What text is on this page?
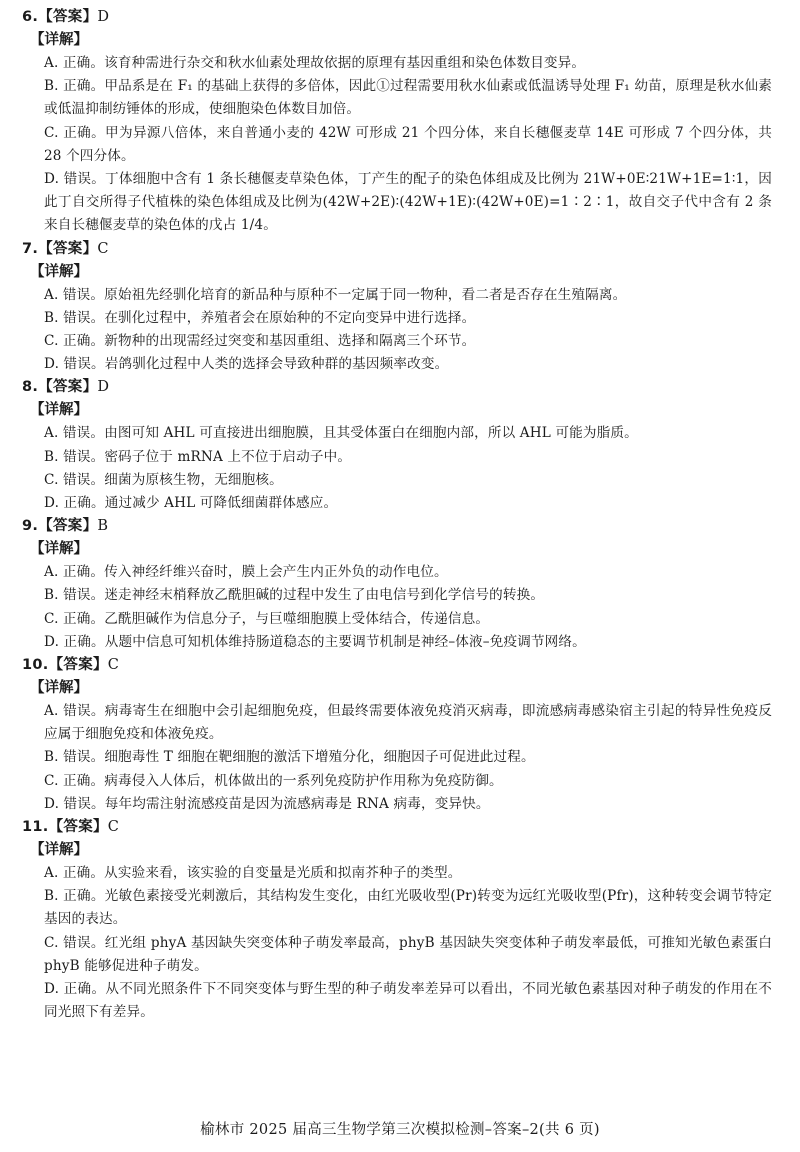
6.【答案】D
【详解】

A. 正确。该育种需进行杂交和秋水仙素处理故依据的原理有基因重组和染色体数目变异。

B. 正确。甲品系是在 F₁ 的基础上获得的多倍体，因此①过程需要用秋水仙素或低温诱导处理 F₁ 幼苗，原理是秋水仙素或低温抑制纺锤体的形成，使细胞染色体数目加倍。

C. 正确。甲为异源八倍体，来自普通小麦的 42W 可形成 21 个四分体，来自长穗偃麦草 14E 可形成 7 个四分体，共 28 个四分体。

D. 错误。丁体细胞中含有 1 条长穗偃麦草染色体，丁产生的配子的染色体组成及比例为 21W+0E∶21W+1E=1∶1，因此丁自交所得子代植株的染色体组成及比例为(42W+2E)∶(42W+1E)∶(42W+0E)=1∶2∶1，故自交子代中含有 2 条来自长穗偃麦草的染色体的戊占 1/4。

7.【答案】C
【详解】

A. 错误。原始祖先经驯化培育的新品种与原种不一定属于同一物种，看二者是否存在生殖隔离。

B. 错误。在驯化过程中，养殖者会在原始种的不定向变异中进行选择。

C. 正确。新物种的出现需经过突变和基因重组、选择和隔离三个环节。

D. 错误。岩鸽驯化过程中人类的选择会导致种群的基因频率改变。

8.【答案】D
【详解】

A. 错误。由图可知 AHL 可直接进出细胞膜，且其受体蛋白在细胞内部，所以 AHL 可能为脂质。

B. 错误。密码子位于 mRNA 上不位于启动子中。

C. 错误。细菌为原核生物，无细胞核。

D. 正确。通过减少 AHL 可降低细菌群体感应。

9.【答案】B
【详解】

A. 正确。传入神经纤维兴奋时，膜上会产生内正外负的动作电位。

B. 错误。迷走神经末梢释放乙酰胆碱的过程中发生了由电信号到化学信号的转换。

C. 正确。乙酰胆碱作为信息分子，与巨噬细胞膜上受体结合，传递信息。

D. 正确。从题中信息可知机体维持肠道稳态的主要调节机制是神经–体液–免疫调节网络。

10.【答案】C
【详解】

A. 错误。病毒寄生在细胞中会引起细胞免疫，但最终需要体液免疫消灭病毒，即流感病毒感染宿主引起的特异性免疫反应属于细胞免疫和体液免疫。

B. 错误。细胞毒性 T 细胞在靶细胞的激活下增殖分化，细胞因子可促进此过程。

C. 正确。病毒侵入人体后，机体做出的一系列免疫防护作用称为免疫防御。

D. 错误。每年均需注射流感疫苗是因为流感病毒是 RNA 病毒，变异快。

11.【答案】C
【详解】

A. 正确。从实验来看，该实验的自变量是光质和拟南芥种子的类型。

B. 正确。光敏色素接受光刺激后，其结构发生变化，由红光吸收型(Pr)转变为远红光吸收型(Pfr)，这种转变会调节特定基因的表达。

C. 错误。红光组 phyA 基因缺失突变体种子萌发率最高，phyB 基因缺失突变体种子萌发率最低，可推知光敏色素蛋白 phyB 能够促进种子萌发。

D. 正确。从不同光照条件下不同突变体与野生型的种子萌发率差异可以看出，不同光敏色素基因对种子萌发的作用在不同光照下有差异。

榆林市 2025 届高三生物学第三次模拟检测–答案–2(共 6 页)
